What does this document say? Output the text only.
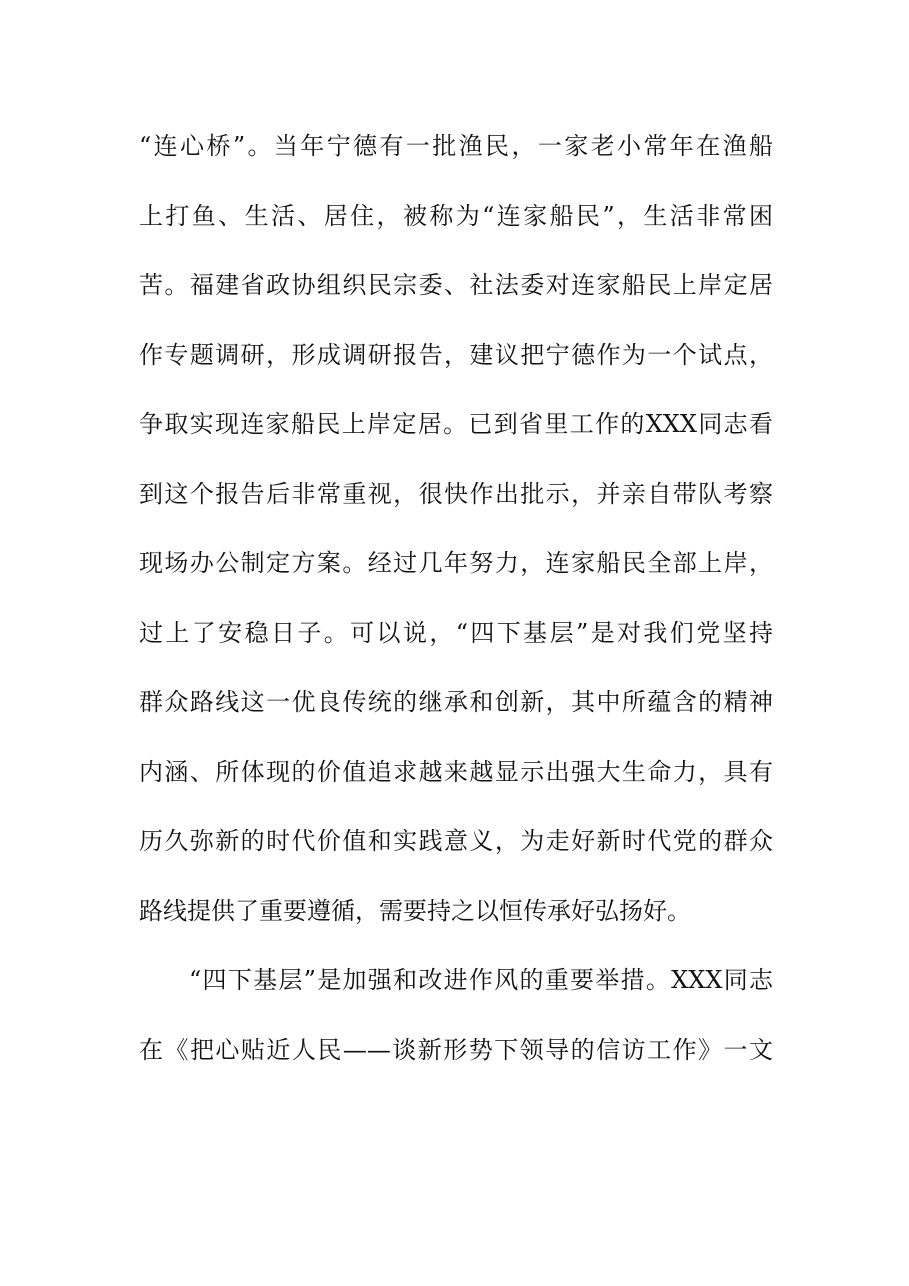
“连心桥”。当年宁德有一批渔民，一家老小常年在渔船
上打鱼、生活、居住，被称为“连家船民”，生活非常困
苦。福建省政协组织民宗委、社法委对连家船民上岸定居
作专题调研，形成调研报告，建议把宁德作为一个试点，
争取实现连家船民上岸定居。已到省里工作的XXX同志看
到这个报告后非常重视，很快作出批示，并亲自带队考察
现场办公制定方案。经过几年努力，连家船民全部上岸，
过上了安稳日子。可以说，“四下基层”是对我们党坚持
群众路线这一优良传统的继承和创新，其中所蕴含的精神
内涵、所体现的价值追求越来越显示出强大生命力，具有
历久弥新的时代价值和实践意义，为走好新时代党的群众
路线提供了重要遵循，需要持之以恒传承好弘扬好。
“四下基层”是加强和改进作风的重要举措。XXX同志
在《把心贴近人民——谈新形势下领导的信访工作》一文
